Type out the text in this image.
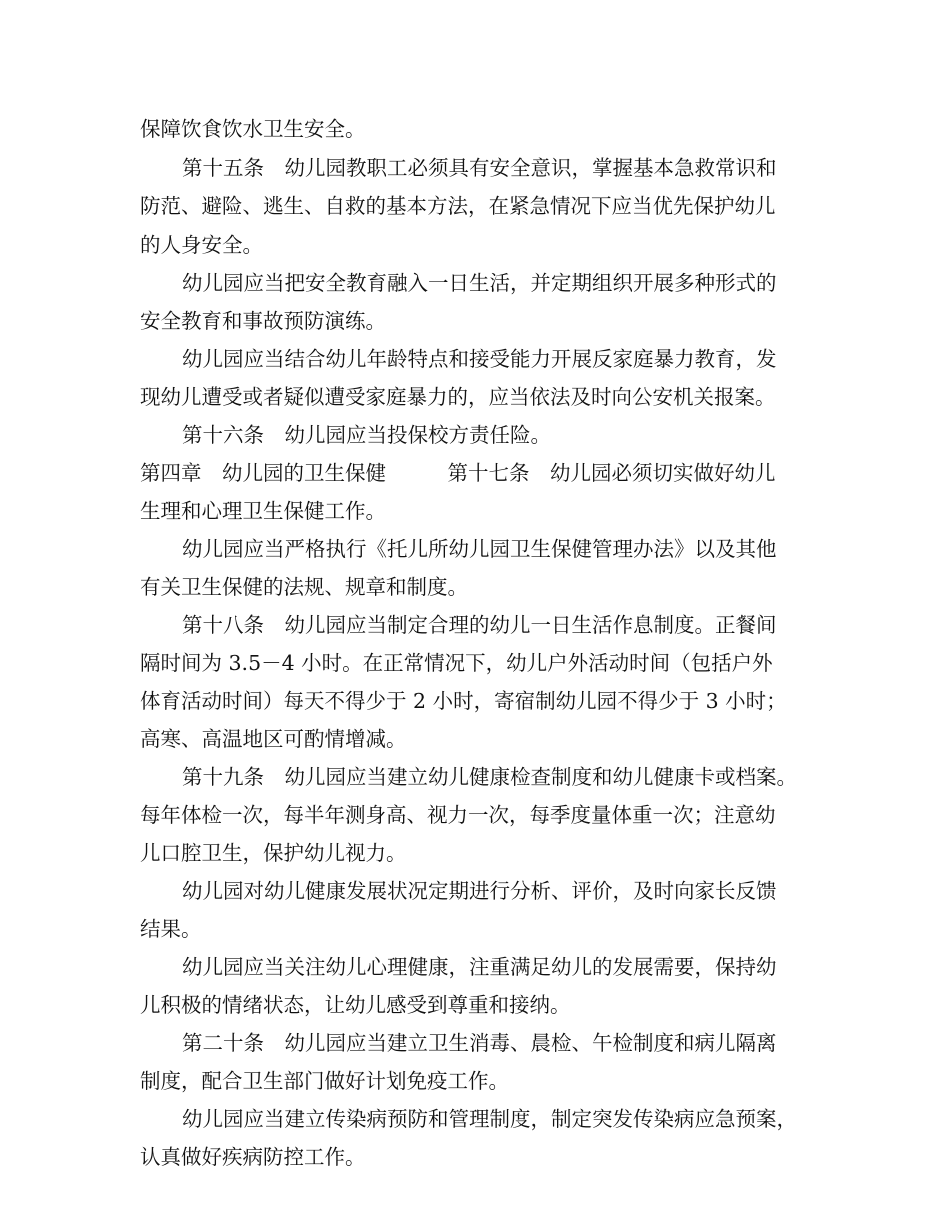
保障饮食饮水卫生安全。

第十五条　幼儿园教职工必须具有安全意识，掌握基本急救常识和

防范、避险、逃生、自救的基本方法，在紧急情况下应当优先保护幼儿

的人身安全。

幼儿园应当把安全教育融入一日生活，并定期组织开展多种形式的

安全教育和事故预防演练。

幼儿园应当结合幼儿年龄特点和接受能力开展反家庭暴力教育，发

现幼儿遭受或者疑似遭受家庭暴力的，应当依法及时向公安机关报案。

第十六条　幼儿园应当投保校方责任险。

第四章　幼儿园的卫生保健　　　第十七条　幼儿园必须切实做好幼儿

生理和心理卫生保健工作。

幼儿园应当严格执行《托儿所幼儿园卫生保健管理办法》以及其他

有关卫生保健的法规、规章和制度。

第十八条　幼儿园应当制定合理的幼儿一日生活作息制度。正餐间

隔时间为 3.5－4 小时。在正常情况下，幼儿户外活动时间（包括户外

体育活动时间）每天不得少于 2 小时，寄宿制幼儿园不得少于 3 小时；

高寒、高温地区可酌情增减。

第十九条　幼儿园应当建立幼儿健康检查制度和幼儿健康卡或档案。

每年体检一次，每半年测身高、视力一次，每季度量体重一次；注意幼

儿口腔卫生，保护幼儿视力。

幼儿园对幼儿健康发展状况定期进行分析、评价，及时向家长反馈

结果。

幼儿园应当关注幼儿心理健康，注重满足幼儿的发展需要，保持幼

儿积极的情绪状态，让幼儿感受到尊重和接纳。

第二十条　幼儿园应当建立卫生消毒、晨检、午检制度和病儿隔离

制度，配合卫生部门做好计划免疫工作。

幼儿园应当建立传染病预防和管理制度，制定突发传染病应急预案，

认真做好疾病防控工作。
